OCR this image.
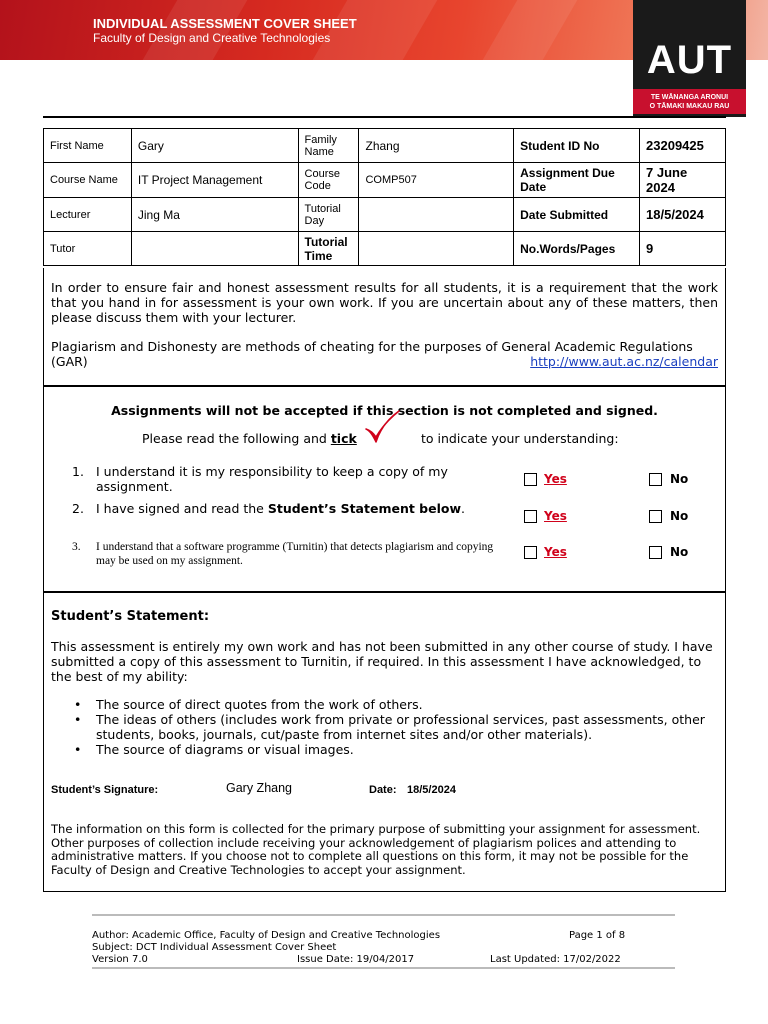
INDIVIDUAL ASSESSMENT COVER SHEET
Faculty of Design and Creative Technologies	AUT
TE WĀNANGA ARONUI
O TĀMAKI MAKAU RAU
First Name	Gary	Family Name	Zhang	Student ID No	23209425
Course Name	IT Project Management	Course Code	COMP507	Assignment Due Date	7 June 2024
Lecturer	Jing Ma	Tutorial Day		Date Submitted	18/5/2024
Tutor		Tutorial Time		No.Words/Pages	9

In order to ensure fair and honest assessment results for all students, it is a requirement that the work that you hand in for assessment is your own work. If you are uncertain about any of these matters, then please discuss them with your lecturer.

Plagiarism and Dishonesty are methods of cheating for the purposes of General Academic Regulations (GAR)	http://www.aut.ac.nz/calendar
Assignments will not be accepted if this section is not completed and signed.
Please read the following and tick	to indicate your understanding:
1. I understand it is my responsibility to keep a copy of my assignment.	Yes	No
2. I have signed and read the Student’s Statement below.	Yes	No
3. I understand that a software programme (Turnitin) that detects plagiarism and copying may be used on my assignment.
Yes	No
Student’s Statement:
This assessment is entirely my own work and has not been submitted in any other course of study. I have submitted a copy of this assessment to Turnitin, if required. In this assessment I have acknowledged, to the best of my ability:
• The source of direct quotes from the work of others.
• The ideas of others (includes work from private or professional services, past assessments, other students, books, journals, cut/paste from internet sites and/or other materials).
• The source of diagrams or visual images.
Student’s Signature:	Gary Zhang	Date: 18/5/2024
The information on this form is collected for the primary purpose of submitting your assignment for assessment. Other purposes of collection include receiving your acknowledgement of plagiarism polices and attending to administrative matters. If you choose not to complete all questions on this form, it may not be possible for the Faculty of Design and Creative Technologies to accept your assignment.
Author: Academic Office, Faculty of Design and Creative Technologies	Page 1 of 8
Subject: DCT Individual Assessment Cover Sheet
Version 7.0	Issue Date: 19/04/2017	Last Updated: 17/02/2022
